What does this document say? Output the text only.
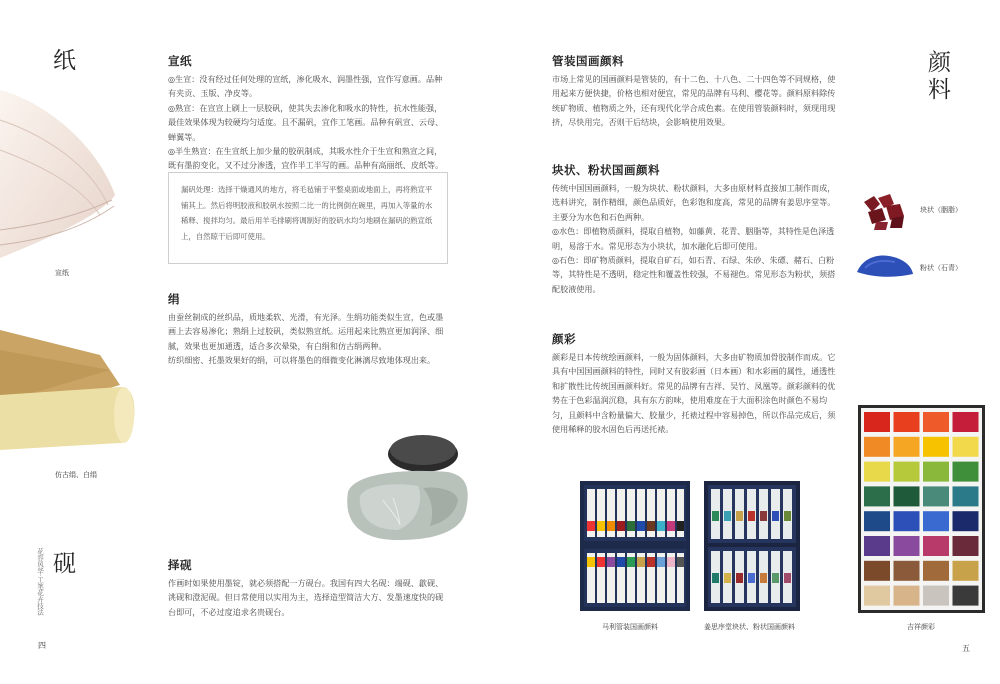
纸
宣纸
仿古绢、白绢
宣纸

◎生宣：没有经过任何处理的宣纸，渗化吸水、润墨性强，宜作写意画。品种有夹贡、玉版、净皮等。

◎熟宣：在宣宣上刷上一层胶矾，使其失去渗化和吸水的特性，抗水性能强，最佳效果体现为较硬均匀适度。且不漏矾，宜作工笔画。品种有矾宣、云母、蝉翼等。

◎半生熟宣：在生宣纸上加少量的胶矾制成，其吸水性介于生宣和熟宣之间，既有墨韵变化，又不过分渗透，宜作半工半写的画。品种有高丽纸、皮纸等。

漏矾处理：选择干燥通风的地方，将毛毡铺于平整桌面或地面上，再将熟宣平铺其上。然后将明胶液和胶矾水按照二比一的比例倒在碗里，再加入等量的水稀释、搅拌均匀。最后用羊毛排刷将调制好的胶矾水均匀地刷在漏矾的熟宣纸上，自然晾干后即可使用。

绢

由蚕丝制成的丝织品，质地柔软、光滑，有光泽。生绢功能类似生宣，色或墨画上去容易渗化；熟绢上过胶矾，类似熟宣纸。运用起来比熟宣更加润泽、细腻，效果也更加通透，适合多次晕染，有白绢和仿古绢两种。

纺织细密、托墨效果好的绢，可以将墨色的细微变化淋漓尽致地体现出来。

砚	择砚

作画时如果使用墨锭，就必须搭配一方砚台。我国有四大名砚：端砚、歙砚、洮砚和澄泥砚。但日常使用以实用为主，选择造型简洁大方、发墨速度快的砚台即可，不必过度追求名贵砚台。

花容风华·工笔花卉技法
四
颜料
管装国画颜料

市场上常见的国画颜料是管装的，有十二色、十八色、二十四色等不同规格，使用起来方便快捷，价格也相对便宜，常见的品牌有马利、樱花等。颜料原料除传统矿物质、植物质之外，还有现代化学合成色素。在使用管装颜料时，须现用现挤，尽快用完，否则干后结块，会影响使用效果。

块状、粉状国画颜料

传统中国国画颜料，一般为块状、粉状颜料，大多由原材料直接加工制作而成，选料讲究，制作精细，颜色品质好，色彩饱和度高，常见的品牌有姜思序堂等。主要分为水色和石色两种。

◎水色：即植物质颜料，提取自植物，如藤黄、花青、胭脂等，其特性是色泽透明，易溶于水。常见形态为小块状，加水融化后即可使用。

◎石色：即矿物质颜料，提取自矿石，如石青、石绿、朱砂、朱磦、赭石、白粉等，其特性是不透明，稳定性和覆盖性较强，不易褪色。常见形态为粉状，须搭配胶液使用。

颜彩

颜彩是日本传统绘画颜料，一般为固体颜料，大多由矿物质加骨胶制作而成。它具有中国国画颜料的特性，同时又有胶彩画（日本画）和水彩画的属性，通透性和扩散性比传统国画颜料好。常见的品牌有吉祥、吴竹、凤凰等。颜彩颜料的优势在于色彩温润沉稳，具有东方韵味，使用难度在于大面积涂色时颜色不易均匀，且颜料中含粉量偏大、胶量少，托裱过程中容易掉色，所以作品完成后，须使用稀释的胶水固色后再送托裱。

块状（胭脂）
粉状（石青）
马利管装国画颜料	姜思序堂块状、粉状国画颜料	吉祥颜彩
五
